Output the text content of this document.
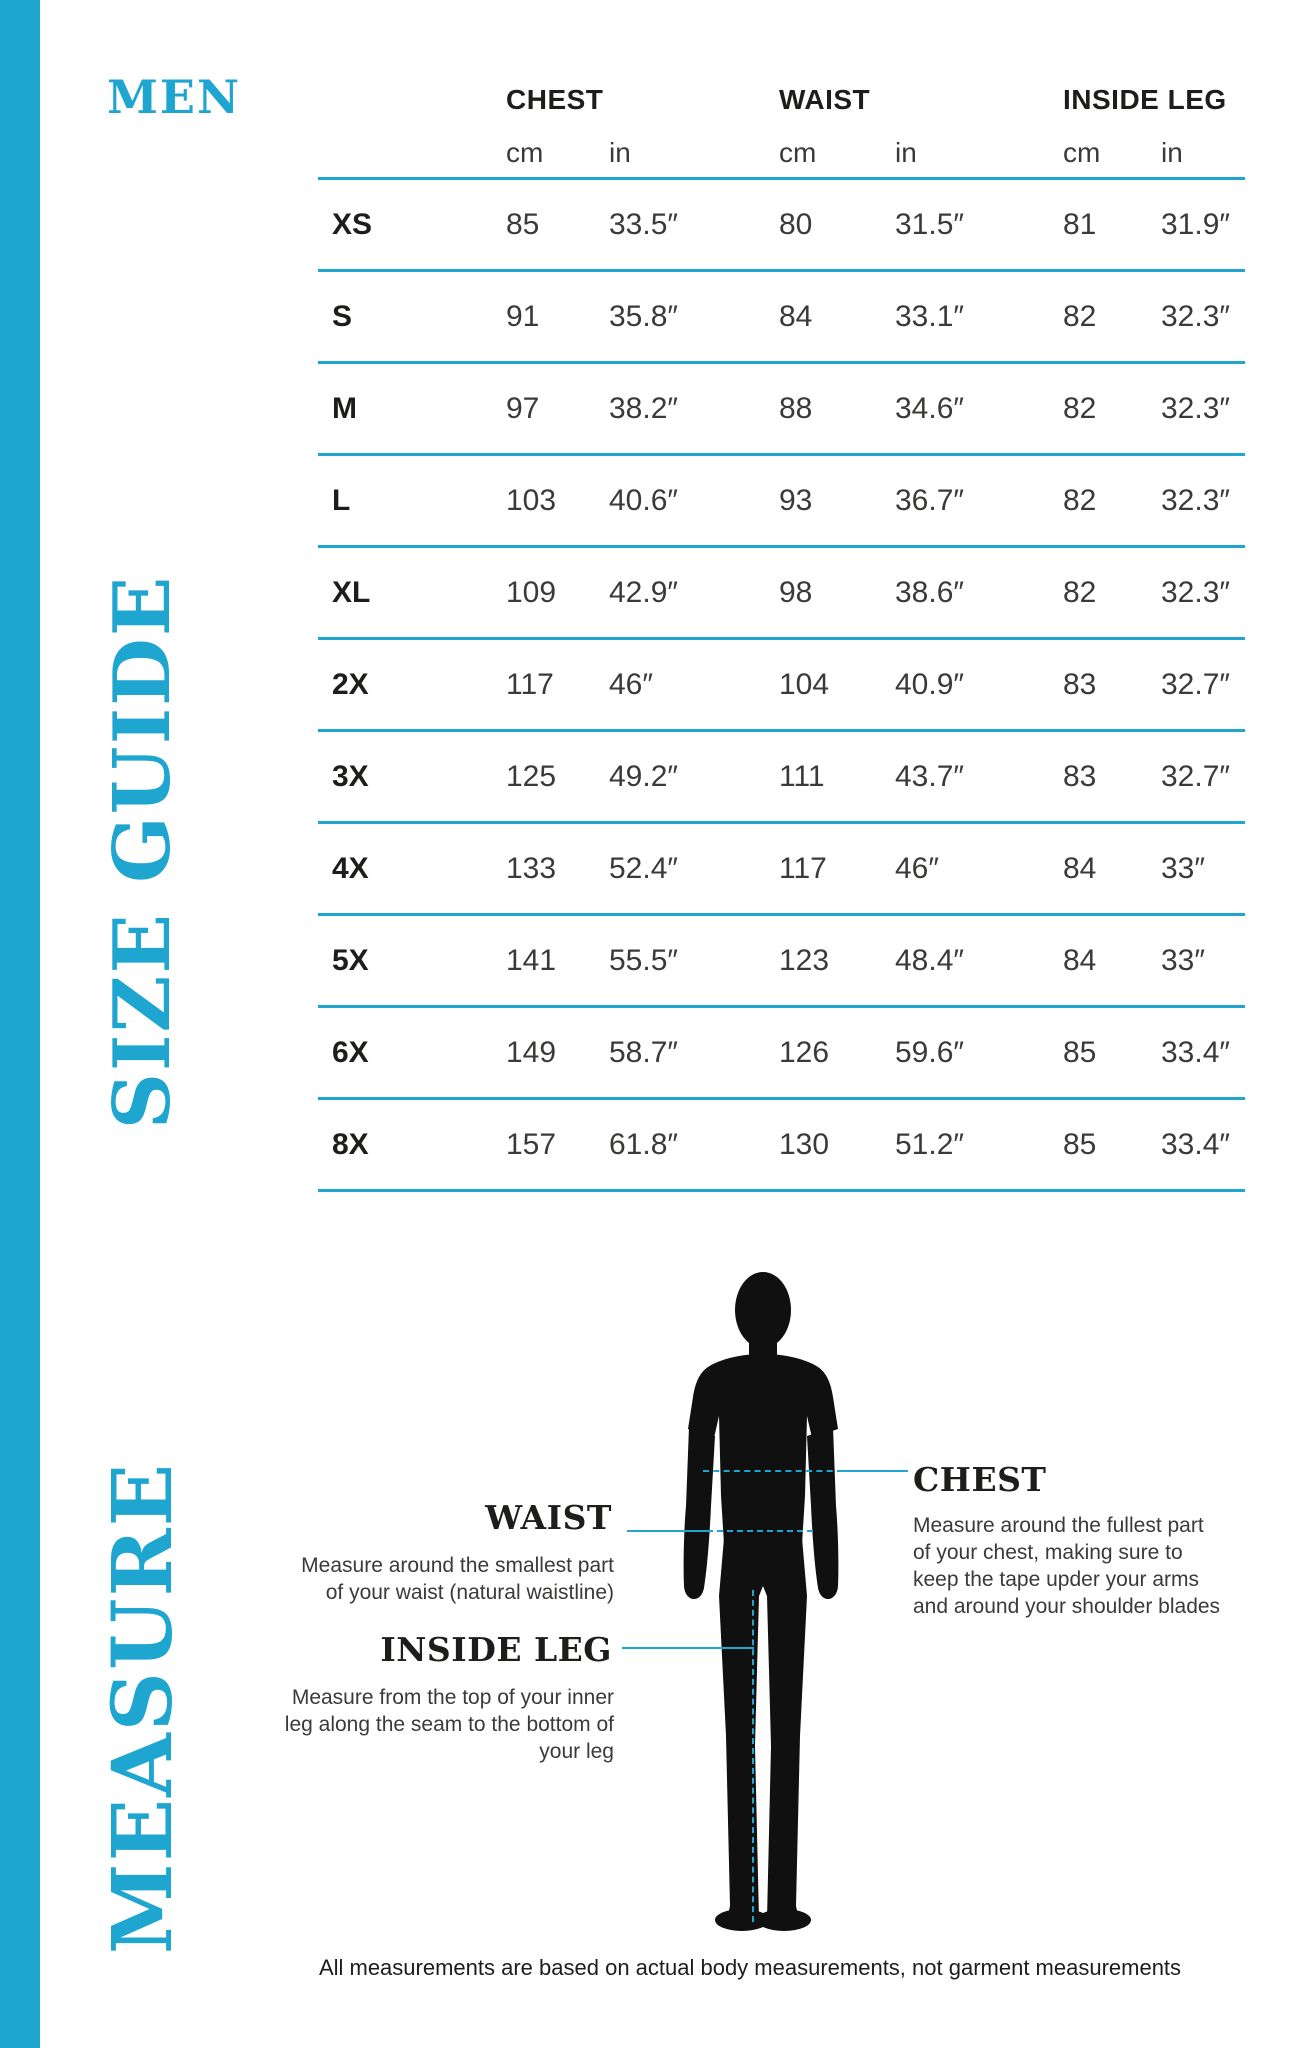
MEN
SIZE GUIDE
MEASURE
CHEST	WAIST	INSIDE LEG
cm	in	cm	in	cm	in
XS	85	33.5″	80	31.5″	81	31.9″
S	91	35.8″	84	33.1″	82	32.3″
M	97	38.2″	88	34.6″	82	32.3″
L	103	40.6″	93	36.7″	82	32.3″
XL	109	42.9″	98	38.6″	82	32.3″
2X	117	46″	104	40.9″	83	32.7″
3X	125	49.2″	111	43.7″	83	32.7″
4X	133	52.4″	117	46″	84	33″
5X	141	55.5″	123	48.4″	84	33″
6X	149	58.7″	126	59.6″	85	33.4″
8X	157	61.8″	130	51.2″	85	33.4″
WAIST
Measure around the smallest part of your waist (natural waistline)
INSIDE LEG
Measure from the top of your inner leg along the seam to the bottom of your leg
CHEST
Measure around the fullest part of your chest, making sure to keep the tape upder your arms and around your shoulder blades
All measurements are based on actual body measurements, not garment measurements
